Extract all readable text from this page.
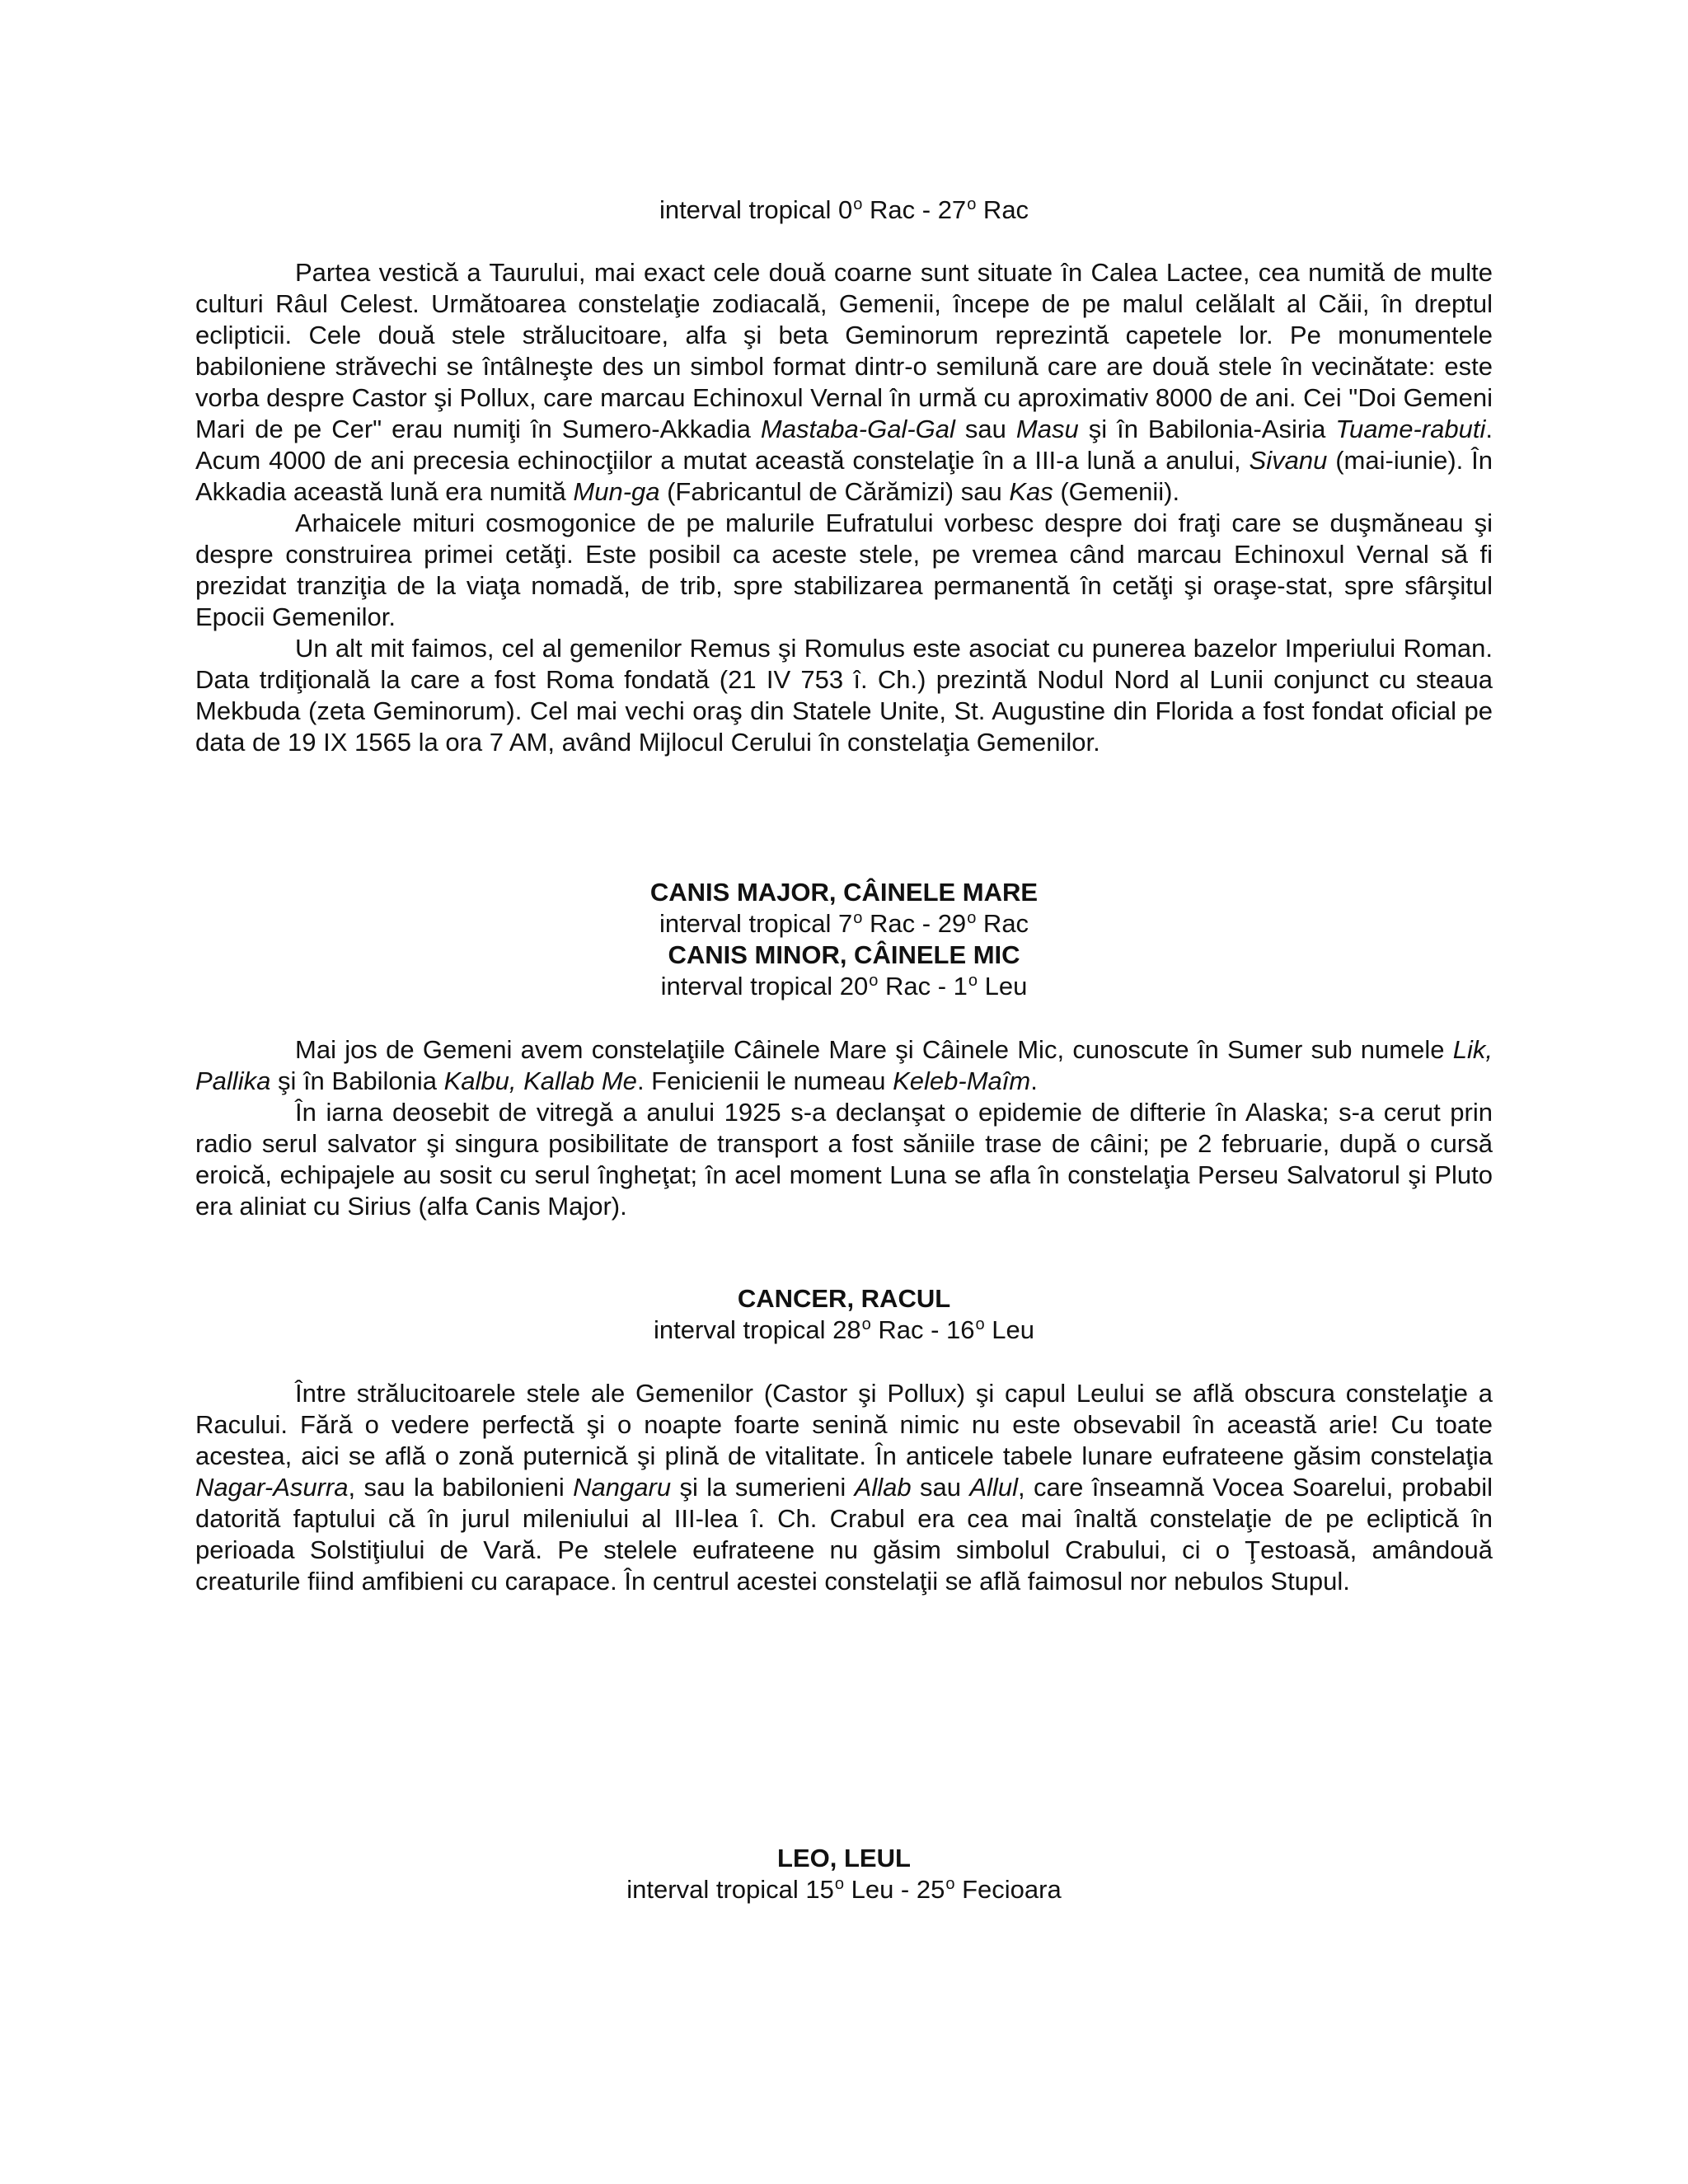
interval tropical 0$^o$ Rac - 27$^o$ Rac

Partea vestică a Taurului, mai exact cele două coarne sunt situate în Calea Lactee, cea numită de multe culturi Râul Celest. Următoarea constelaţie zodiacală, Gemenii, începe de pe malul celălalt al Căii, în dreptul eclipticii. Cele două stele strălucitoare, alfa şi beta Geminorum reprezintă capetele lor. Pe monumentele babiloniene străvechi se întâlneşte des un simbol format dintr-o semilună care are două stele în vecinătate: este vorba despre Castor şi Pollux, care marcau Echinoxul Vernal în urmă cu aproximativ 8000 de ani. Cei "Doi Gemeni Mari de pe Cer" erau numiţi în Sumero-Akkadia Mastaba-Gal-Gal sau Masu şi în Babilonia-Asiria Tuame-rabuti. Acum 4000 de ani precesia echinocţiilor a mutat această constelaţie în a III-a lună a anului, Sivanu (mai-iunie). În Akkadia această lună era numită Mun-ga (Fabricantul de Cărămizi) sau Kas (Gemenii).

Arhaicele mituri cosmogonice de pe malurile Eufratului vorbesc despre doi fraţi care se duşmăneau şi despre construirea primei cetăţi. Este posibil ca aceste stele, pe vremea când marcau Echinoxul Vernal să fi prezidat tranziţia de la viaţa nomadă, de trib, spre stabilizarea permanentă în cetăţi şi oraşe-stat, spre sfârşitul Epocii Gemenilor.

Un alt mit faimos, cel al gemenilor Remus şi Romulus este asociat cu punerea bazelor Imperiului Roman. Data trdiţională la care a fost Roma fondată (21 IV 753 î. Ch.) prezintă Nodul Nord al Lunii conjunct cu steaua Mekbuda (zeta Geminorum). Cel mai vechi oraş din Statele Unite, St. Augustine din Florida a fost fondat oficial pe data de 19 IX 1565 la ora 7 AM, având Mijlocul Cerului în constelaţia Gemenilor.

CANIS MAJOR, CÂINELE MARE
interval tropical 7$^o$ Rac - 29$^o$ Rac
CANIS MINOR, CÂINELE MIC
interval tropical 20$^o$ Rac - 1$^o$ Leu

Mai jos de Gemeni avem constelaţiile Câinele Mare şi Câinele Mic, cunoscute în Sumer sub numele Lik, Pallika şi în Babilonia Kalbu, Kallab Me. Fenicienii le numeau Keleb-Maîm.

În iarna deosebit de vitregă a anului 1925 s-a declanşat o epidemie de difterie în Alaska; s-a cerut prin radio serul salvator şi singura posibilitate de transport a fost săniile trase de câini; pe 2 februarie, după o cursă eroică, echipajele au sosit cu serul îngheţat; în acel moment Luna se afla în constelaţia Perseu Salvatorul şi Pluto era aliniat cu Sirius (alfa Canis Major).

CANCER, RACUL
interval tropical 28$^o$ Rac - 16$^o$ Leu

Între strălucitoarele stele ale Gemenilor (Castor şi Pollux) şi capul Leului se află obscura constelaţie a Racului. Fără o vedere perfectă şi o noapte foarte senină nimic nu este obsevabil în această arie! Cu toate acestea, aici se află o zonă puternică şi plină de vitalitate. În anticele tabele lunare eufrateene găsim constelaţia Nagar-Asurra, sau la babilonieni Nangaru şi la sumerieni Allab sau Allul, care înseamnă Vocea Soarelui, probabil datorită faptului că în jurul mileniului al III-lea î. Ch. Crabul era cea mai înaltă constelaţie de pe ecliptică în perioada Solstiţiului de Vară. Pe stelele eufrateene nu găsim simbolul Crabului, ci o Ţestoasă, amândouă creaturile fiind amfibieni cu carapace. În centrul acestei constelaţii se află faimosul nor nebulos Stupul.

LEO, LEUL
interval tropical 15$^o$ Leu - 25$^o$ Fecioara
